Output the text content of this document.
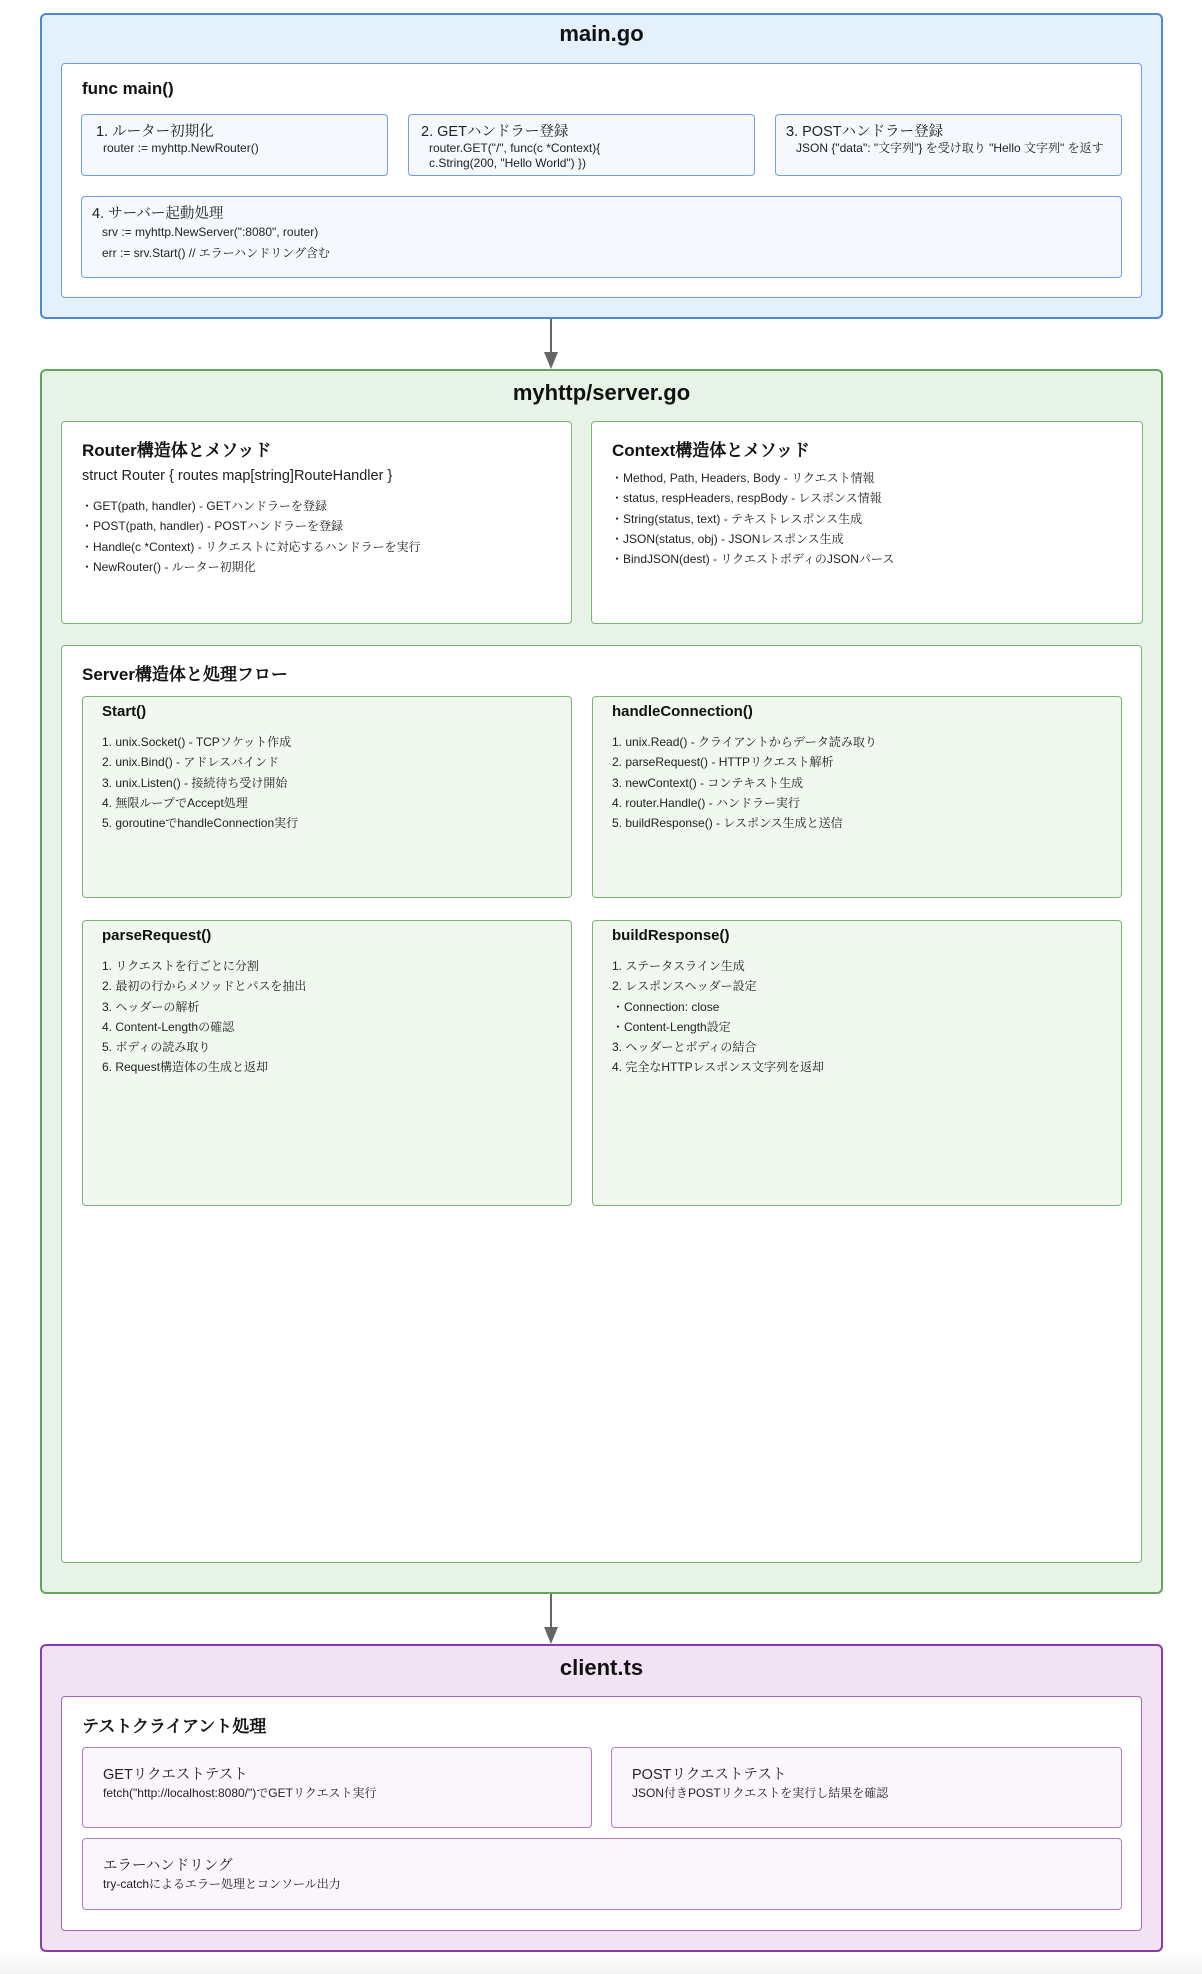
main.go
func main()
1. ルーター初期化
router := myhttp.NewRouter()
2. GETハンドラー登録
router.GET("/", func(c *Context){
c.String(200, "Hello World") })
3. POSTハンドラー登録
JSON {"data": "文字列"} を受け取り "Hello 文字列" を返す
4. サーバー起動処理
srv := myhttp.NewServer(":8080", router)
err := srv.Start() // エラーハンドリング含む
myhttp/server.go
Router構造体とメソッド
struct Router { routes map[string]RouteHandler }
・GET(path, handler) - GETハンドラーを登録
・POST(path, handler) - POSTハンドラーを登録
・Handle(c *Context) - リクエストに対応するハンドラーを実行
・NewRouter() - ルーター初期化
Context構造体とメソッド
・Method, Path, Headers, Body - リクエスト情報
・status, respHeaders, respBody - レスポンス情報
・String(status, text) - テキストレスポンス生成
・JSON(status, obj) - JSONレスポンス生成
・BindJSON(dest) - リクエストボディのJSONパース
Server構造体と処理フロー
Start()
1. unix.Socket() - TCPソケット作成
2. unix.Bind() - アドレスバインド
3. unix.Listen() - 接続待ち受け開始
4. 無限ループでAccept処理
5. goroutineでhandleConnection実行
handleConnection()
1. unix.Read() - クライアントからデータ読み取り
2. parseRequest() - HTTPリクエスト解析
3. newContext() - コンテキスト生成
4. router.Handle() - ハンドラー実行
5. buildResponse() - レスポンス生成と送信
parseRequest()
1. リクエストを行ごとに分割
2. 最初の行からメソッドとパスを抽出
3. ヘッダーの解析
4. Content-Lengthの確認
5. ボディの読み取り
6. Request構造体の生成と返却
buildResponse()
1. ステータスライン生成
2. レスポンスヘッダー設定
・Connection: close
・Content-Length設定
3. ヘッダーとボディの結合
4. 完全なHTTPレスポンス文字列を返却
client.ts
テストクライアント処理
GETリクエストテスト
fetch("http://localhost:8080/")でGETリクエスト実行
POSTリクエストテスト
JSON付きPOSTリクエストを実行し結果を確認
エラーハンドリング
try-catchによるエラー処理とコンソール出力
